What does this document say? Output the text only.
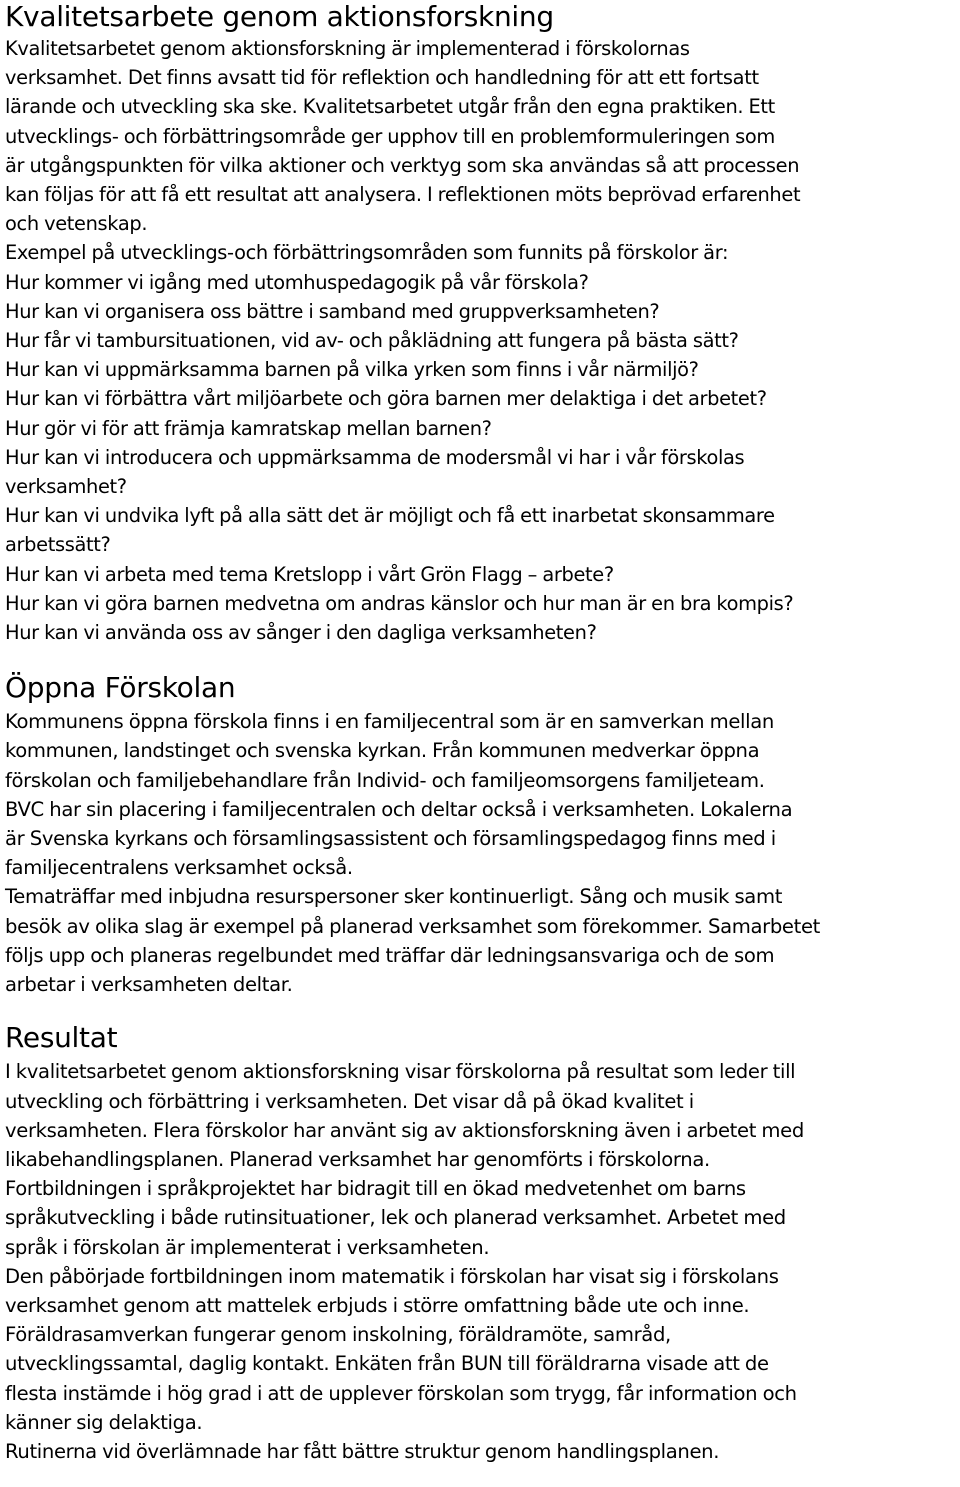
Kvalitetsarbete genom aktionsforskning

Kvalitetsarbetet genom aktionsforskning är implementerad i förskolornas
verksamhet. Det finns avsatt tid för reflektion och handledning för att ett fortsatt
lärande och utveckling ska ske. Kvalitetsarbetet utgår från den egna praktiken. Ett
utvecklings- och förbättringsområde ger upphov till en problemformuleringen som
är utgångspunkten för vilka aktioner och verktyg som ska användas så att processen
kan följas för att få ett resultat att analysera. I reflektionen möts beprövad erfarenhet
och vetenskap.
Exempel på utvecklings-och förbättringsområden som funnits på förskolor är:
Hur kommer vi igång med utomhuspedagogik på vår förskola?
Hur kan vi organisera oss bättre i samband med gruppverksamheten?
Hur får vi tambursituationen, vid av- och påklädning att fungera på bästa sätt?
Hur kan vi uppmärksamma barnen på vilka yrken som finns i vår närmiljö?
Hur kan vi förbättra vårt miljöarbete och göra barnen mer delaktiga i det arbetet?
Hur gör vi för att främja kamratskap mellan barnen?
Hur kan vi introducera och uppmärksamma de modersmål vi har i vår förskolas
verksamhet?
Hur kan vi undvika lyft på alla sätt det är möjligt och få ett inarbetat skonsammare
arbetssätt?
Hur kan vi arbeta med tema Kretslopp i vårt Grön Flagg – arbete?
Hur kan vi göra barnen medvetna om andras känslor och hur man är en bra kompis?
Hur kan vi använda oss av sånger i den dagliga verksamheten?

Öppna Förskolan

Kommunens öppna förskola finns i en familjecentral som är en samverkan mellan
kommunen, landstinget och svenska kyrkan. Från kommunen medverkar öppna
förskolan och familjebehandlare från Individ- och familjeomsorgens familjeteam.
BVC har sin placering i familjecentralen och deltar också i verksamheten. Lokalerna
är Svenska kyrkans och församlingsassistent och församlingspedagog finns med i
familjecentralens verksamhet också.
Tematräffar med inbjudna resurspersoner sker kontinuerligt. Sång och musik samt
besök av olika slag är exempel på planerad verksamhet som förekommer. Samarbetet
följs upp och planeras regelbundet med träffar där ledningsansvariga och de som
arbetar i verksamheten deltar.

Resultat

I kvalitetsarbetet genom aktionsforskning visar förskolorna på resultat som leder till
utveckling och förbättring i verksamheten. Det visar då på ökad kvalitet i
verksamheten. Flera förskolor har använt sig av aktionsforskning även i arbetet med
likabehandlingsplanen. Planerad verksamhet har genomförts i förskolorna.
Fortbildningen i språkprojektet har bidragit till en ökad medvetenhet om barns
språkutveckling i både rutinsituationer, lek och planerad verksamhet. Arbetet med
språk i förskolan är implementerat i verksamheten.
Den påbörjade fortbildningen inom matematik i förskolan har visat sig i förskolans
verksamhet genom att mattelek erbjuds i större omfattning både ute och inne.
Föräldrasamverkan fungerar genom inskolning, föräldramöte, samråd,
utvecklingssamtal, daglig kontakt. Enkäten från BUN till föräldrarna visade att de
flesta instämde i hög grad i att de upplever förskolan som trygg, får information och
känner sig delaktiga.
Rutinerna vid överlämnade har fått bättre struktur genom handlingsplanen.
